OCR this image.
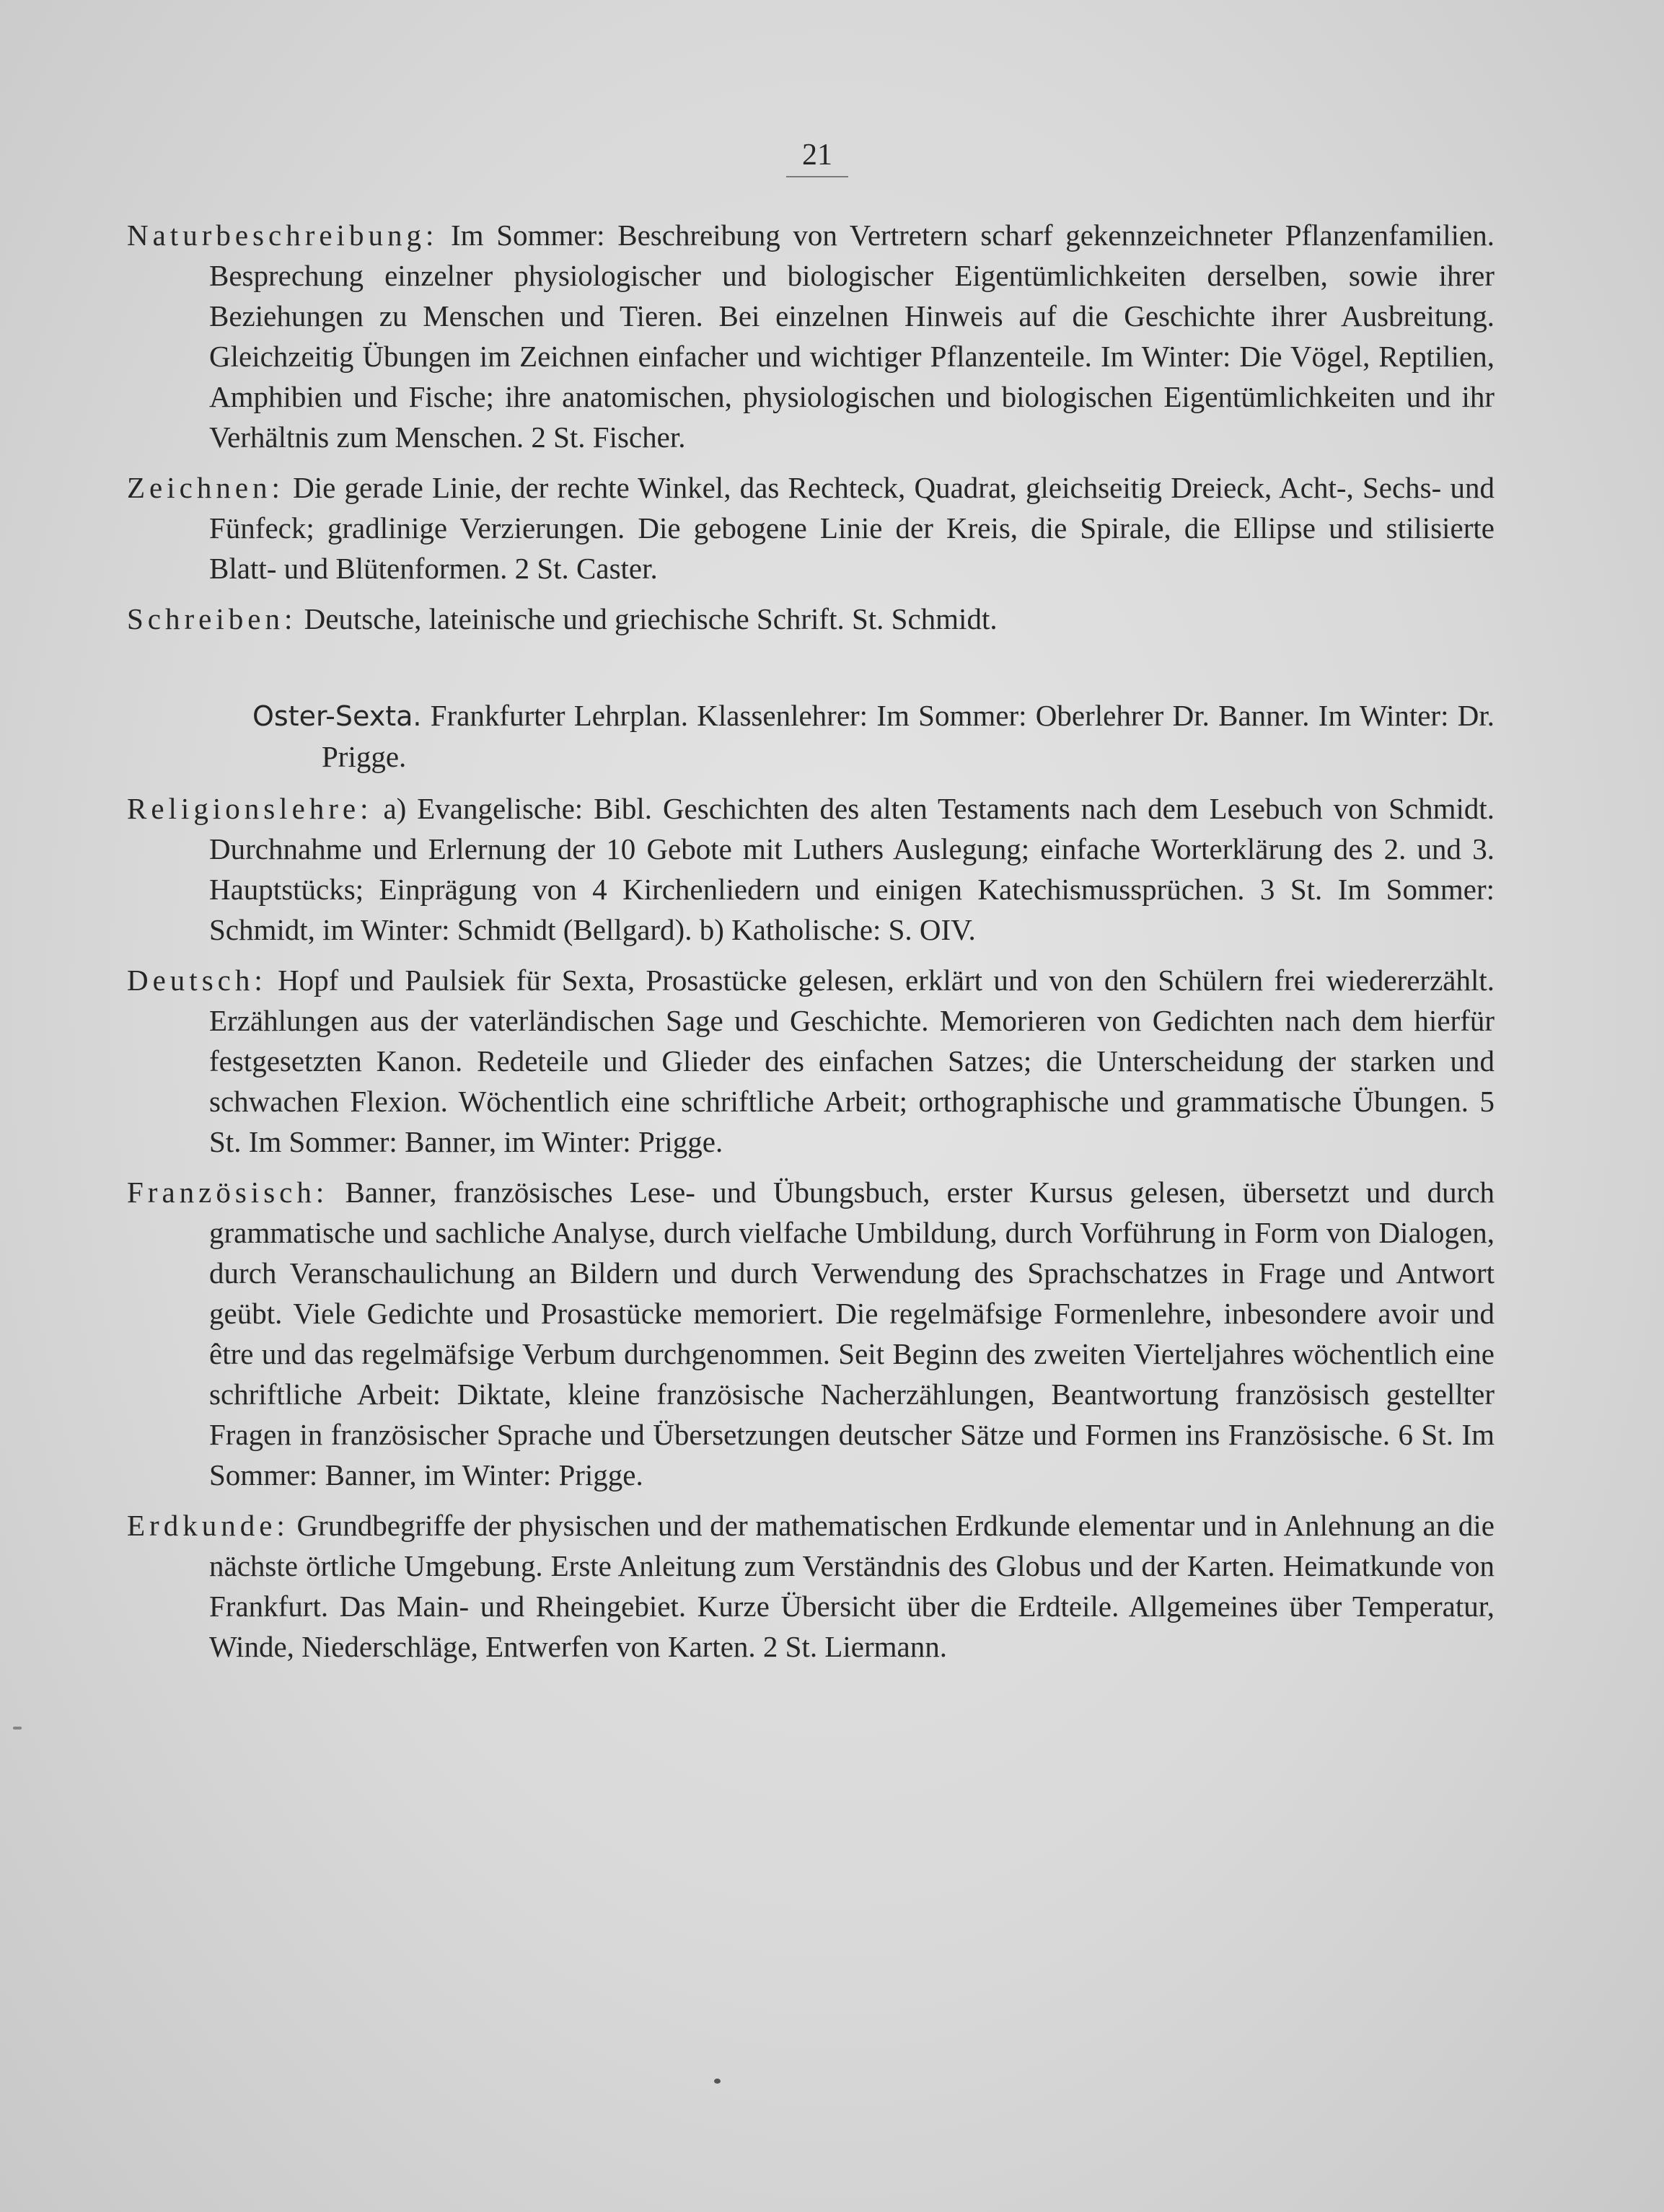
21

Naturbeschreibung: Im Sommer: Beschreibung von Vertretern scharf gekennzeichneter Pflanzenfamilien. Besprechung einzelner physiologischer und biologischer Eigentümlichkeiten derselben, sowie ihrer Beziehungen zu Menschen und Tieren. Bei einzelnen Hinweis auf die Geschichte ihrer Ausbreitung. Gleichzeitig Übungen im Zeichnen einfacher und wichtiger Pflanzenteile. Im Winter: Die Vögel, Reptilien, Amphibien und Fische; ihre anatomischen, physiologischen und biologischen Eigentümlichkeiten und ihr Verhältnis zum Menschen. 2 St. Fischer.

Zeichnen: Die gerade Linie, der rechte Winkel, das Rechteck, Quadrat, gleichseitig Dreieck, Acht-, Sechs- und Fünfeck; gradlinige Verzierungen. Die gebogene Linie der Kreis, die Spirale, die Ellipse und stilisierte Blatt- und Blütenformen. 2 St. Caster.

Schreiben: Deutsche, lateinische und griechische Schrift. St. Schmidt.

Oster-Sexta. Frankfurter Lehrplan. Klassenlehrer: Im Sommer: Oberlehrer Dr. Banner. Im Winter: Dr. Prigge.

Religionslehre: a) Evangelische: Bibl. Geschichten des alten Testaments nach dem Lesebuch von Schmidt. Durchnahme und Erlernung der 10 Gebote mit Luthers Auslegung; einfache Worterklärung des 2. und 3. Hauptstücks; Einprägung von 4 Kirchenliedern und einigen Katechismussprüchen. 3 St. Im Sommer: Schmidt, im Winter: Schmidt (Bellgard). b) Katholische: S. OIV.

Deutsch: Hopf und Paulsiek für Sexta, Prosastücke gelesen, erklärt und von den Schülern frei wiedererzählt. Erzählungen aus der vaterländischen Sage und Geschichte. Memorieren von Gedichten nach dem hierfür festgesetzten Kanon. Redeteile und Glieder des einfachen Satzes; die Unterscheidung der starken und schwachen Flexion. Wöchentlich eine schriftliche Arbeit; orthographische und grammatische Übungen. 5 St. Im Sommer: Banner, im Winter: Prigge.

Französisch: Banner, französisches Lese- und Übungsbuch, erster Kursus gelesen, übersetzt und durch grammatische und sachliche Analyse, durch vielfache Umbildung, durch Vorführung in Form von Dialogen, durch Veranschaulichung an Bildern und durch Verwendung des Sprachschatzes in Frage und Antwort geübt. Viele Gedichte und Prosastücke memoriert. Die regelmäfsige Formenlehre, inbesondere avoir und être und das regelmäfsige Verbum durchgenommen. Seit Beginn des zweiten Vierteljahres wöchentlich eine schriftliche Arbeit: Diktate, kleine französische Nacherzählungen, Beantwortung französisch gestellter Fragen in französischer Sprache und Übersetzungen deutscher Sätze und Formen ins Französische. 6 St. Im Sommer: Banner, im Winter: Prigge.

Erdkunde: Grundbegriffe der physischen und der mathematischen Erdkunde elementar und in Anlehnung an die nächste örtliche Umgebung. Erste Anleitung zum Verständnis des Globus und der Karten. Heimatkunde von Frankfurt. Das Main- und Rheingebiet. Kurze Übersicht über die Erdteile. Allgemeines über Temperatur, Winde, Niederschläge, Entwerfen von Karten. 2 St. Liermann.
